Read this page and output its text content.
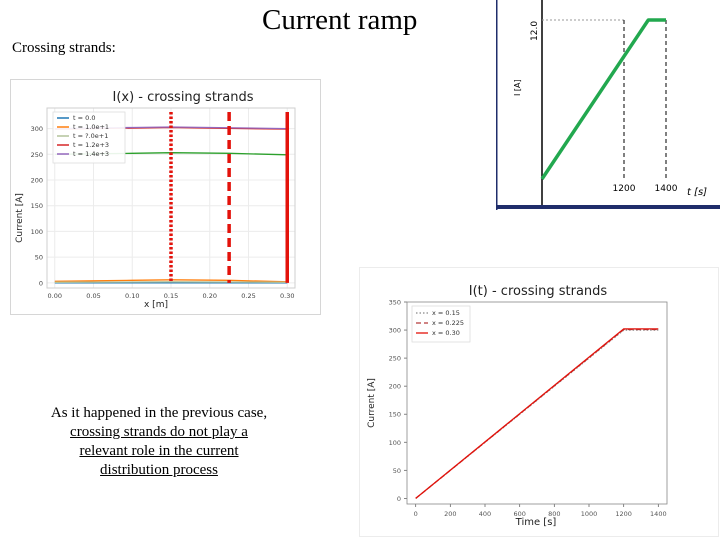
Current ramp
Crossing strands:
I(x) - crossing strands
0
50
100
150
200
250
300
0.00	0.05	0.10	0.15	0.20	0.25	0.30
t = 0.0
t = 1.0e+1
t = ?.0e+1
t = 1.2e+3
t = 1.4e+3
x [m]
Current [A]
12.0
1200 1400 t [s]
I [A]
I(t) - crossing strands
0
50
100
150
200
250
300
350
0	200	400	600	800	1000	1200	1400
x = 0.15
x = 0.225
x = 0.30
Time [s]
Current [A]
As it happened in the previous case,
crossing strands do not play a
relevant role in the current
distribution process
